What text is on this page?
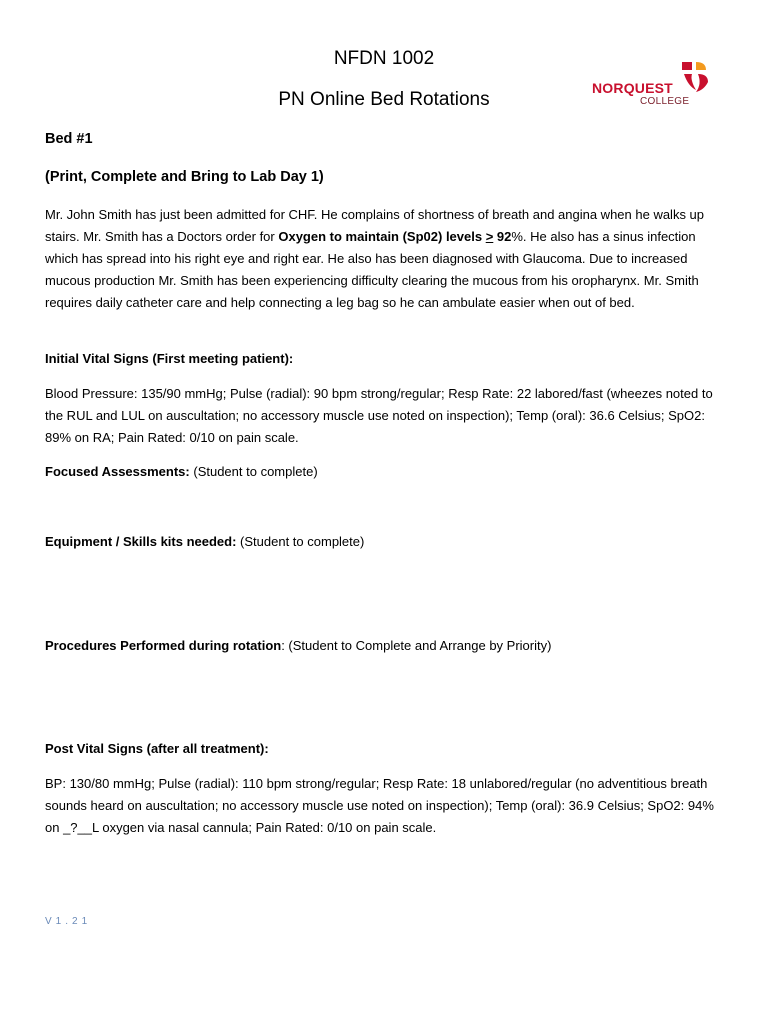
NFDN 1002
PN Online Bed Rotations
NORQUEST
COLLEGE
Bed #1
(Print, Complete and Bring to Lab Day 1)
Mr. John Smith has just been admitted for CHF. He complains of shortness of breath and angina when he walks up stairs. Mr. Smith has a Doctors order for Oxygen to maintain (Sp02) levels ≥ 92%. He also has a sinus infection which has spread into his right eye and right ear. He also has been diagnosed with Glaucoma. Due to increased mucous production Mr. Smith has been experiencing difficulty clearing the mucous from his oropharynx. Mr. Smith requires daily catheter care and help connecting a leg bag so he can ambulate easier when out of bed.
Initial Vital Signs (First meeting patient):
Blood Pressure: 135/90 mmHg; Pulse (radial): 90 bpm strong/regular; Resp Rate: 22 labored/fast (wheezes noted to the RUL and LUL on auscultation; no accessory muscle use noted on inspection); Temp (oral): 36.6 Celsius; SpO2: 89% on RA; Pain Rated: 0/10 on pain scale.
Focused Assessments: (Student to complete)
Equipment / Skills kits needed: (Student to complete)
Procedures Performed during rotation: (Student to Complete and Arrange by Priority)
Post Vital Signs (after all treatment):
BP: 130/80 mmHg; Pulse (radial): 110 bpm strong/regular; Resp Rate: 18 unlabored/regular (no adventitious breath sounds heard on auscultation; no accessory muscle use noted on inspection); Temp (oral): 36.9 Celsius; SpO2: 94% on _?__L oxygen via nasal cannula; Pain Rated: 0/10 on pain scale.
V1.21
